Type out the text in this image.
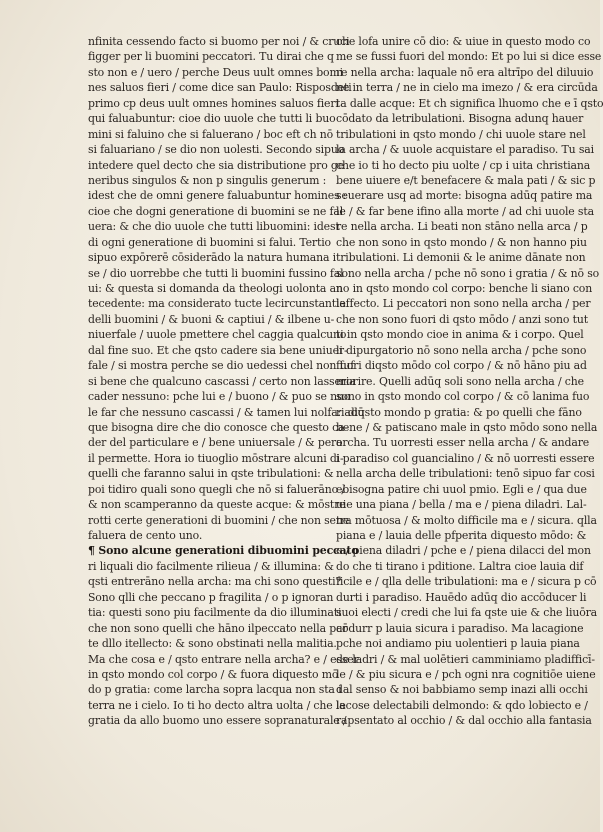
nfinita cessendo facto si buomo per noi / & cruci
figger per li buomini peccatori. Tu dirai che q
sto non e / uero / perche Deus uult omnes bomi
nes saluos fieri / come dice san Paulo: Risposdeti
primo cp deus uult omnes homines saluos fieri
qui faluabuntur: cioe dio uuole che tutti li buo
mini si faluino che si faluerano / boc eft ch nō
si faluariano / se dio non uolesti. Secondo sipuo
intedere quel decto che sia distributione pro ge
neribus singulos & non p singulis generum :
idest che de omni genere faluabuntur homines :
cioe che dogni generatione di buomini se ne fal
uera: & che dio uuole che tutti libuomini: idest
di ogni generatione di buomini si falui. Tertio
sipuo expōrerē cōsiderādo la natura humana i
se / dio uorrebbe che tutti li buomini fussino fal
ui: & questa si domanda da theologi uolonta an
tecedente: ma considerato tucte lecircunstantie
delli buomini / & buoni & captiui / & ilbene u-
niuerfale / uuole pmettere chel caggia qualcuno
dal fine suo. Et che qsto cadere sia bene uniuer-
fale / si mostra perche se dio uedessi chel non fuf
si bene che qualcuno cascassi / certo non lasseria
cader nessuno: pche lui e / buono / & puo se nuo
le far che nessuno cascassi / & tamen lui nolfa: adū
que bisogna dire che dio conosce che questo ca-
der del particulare e / bene uniuersale / & pero
il permette. Hora io tiuoglio mōstrare alcuni di-
quelli che faranno salui in qste tribulationi: &
poi tidiro quali sono quegli che nō si faluerāno /
& non scamperanno da queste acque: & mōstre
rotti certe generationi di buomini / che non sene
faluera de cento uno.
¶ Sono alcune generationi dibuomini peccato
ri liquali dio facilmente rilieua / & illumina: &
qsti entrerāno nella archa: ma chi sono questi?
Sono qlli che peccano p fragilita / o p ignoran
tia: questi sono piu facilmente da dio illuminati
che non sono quelli che hāno ilpeccato nella par
te dllo itellecto: & sono obstinati nella malitia.
Ma che cosa e / qsto entrare nella archa? e / esser
in qsto mondo col corpo / & fuora diquesto mō
do p gratia: come larcha sopra lacqua non sta i
terra ne i cielo. Io ti ho decto altra uolta / che la
gratia da allo buomo uno essere sopranaturale /
che lofa unire cō dio: & uiue in questo modo co
me se fussi fuori del mondo: Et po lui si dice esse
re nella archa: laquale nō era altrīpo del diluuio
ne in terra / ne in cielo ma imezo / & era circūda
ta dalle acque: Et ch significa lhuomo che e ī qsto
cōdato da letribulationi. Bisogna adunq hauer
tribulationi in qsto mondo / chi uuole stare nel
la archa / & uuole acquistare el paradiso. Tu sai
che io ti ho decto piu uolte / cp i uita christiana
bene uiuere e/t benefacere & mala pati / & sic p
seuerare usq ad morte: bisogna adūq patire ma
le / & far bene ifino alla morte / ad chi uuole sta
re nella archa. Li beati non stāno nella arca / p
che non sono in qsto mondo / & non hanno piu
tribulationi. Li demonii & le anime dānate non
sono nella archa / pche nō sono i gratia / & nō so
no in qsto mondo col corpo: benche li siano con
laffecto. Li peccatori non sono nella archa / per
che non sono fuori di qsto mōdo / anzi sono tut
ti in qsto mondo cioe in anima & i corpo. Quel
li dipurgatorio nō sono nella archa / pche sono
fuori diqsto mōdo col corpo / & nō hāno piu ad
morire. Quelli adūq soli sono nella archa / che
sono in qsto mondo col corpo / & cō lanima fuo
ri diqsto mondo p gratia: & po quelli che fāno
bene / & patiscano male in qsto mōdo sono nella
archa. Tu uorresti esser nella archa / & andare
i paradiso col guancialino / & nō uorresti essere
nella archa delle tribulationi: tenō sipuo far cosi
ebisogna patire chi uuol pmio. Egli e / qua due
uie una piana / bella / ma e / piena diladri. Lal-
tra mōtuosa / & molto difficile ma e / sicura. qlla
piana e / lauia delle pfperita diquesto mōdo: &
e / piena diladri / pche e / piena dilacci del mon
do che ti tirano i pditione. Laltra cioe lauia dif
ficile e / qlla delle tribulationi: ma e / sicura p cō
durti i paradiso. Hauēdo adūq dio accōducer li
suoi electi / credi che lui fa qste uie & che liuōra
cōdurr p lauia sicura i paradiso. Ma lacagione
pche noi andiamo piu uolentieri p lauia piana
de ladri / & mal uolētieri camminiamo pladifficī-
le / & piu sicura e / pch ogni nra cognitiōe uiene
dal senso & noi babbiamo semp inazi alli occhi
lecose delectabili delmondo: & qdo lobiecto e /
rapsentato al occhio / & dal occhio alla fantasia
